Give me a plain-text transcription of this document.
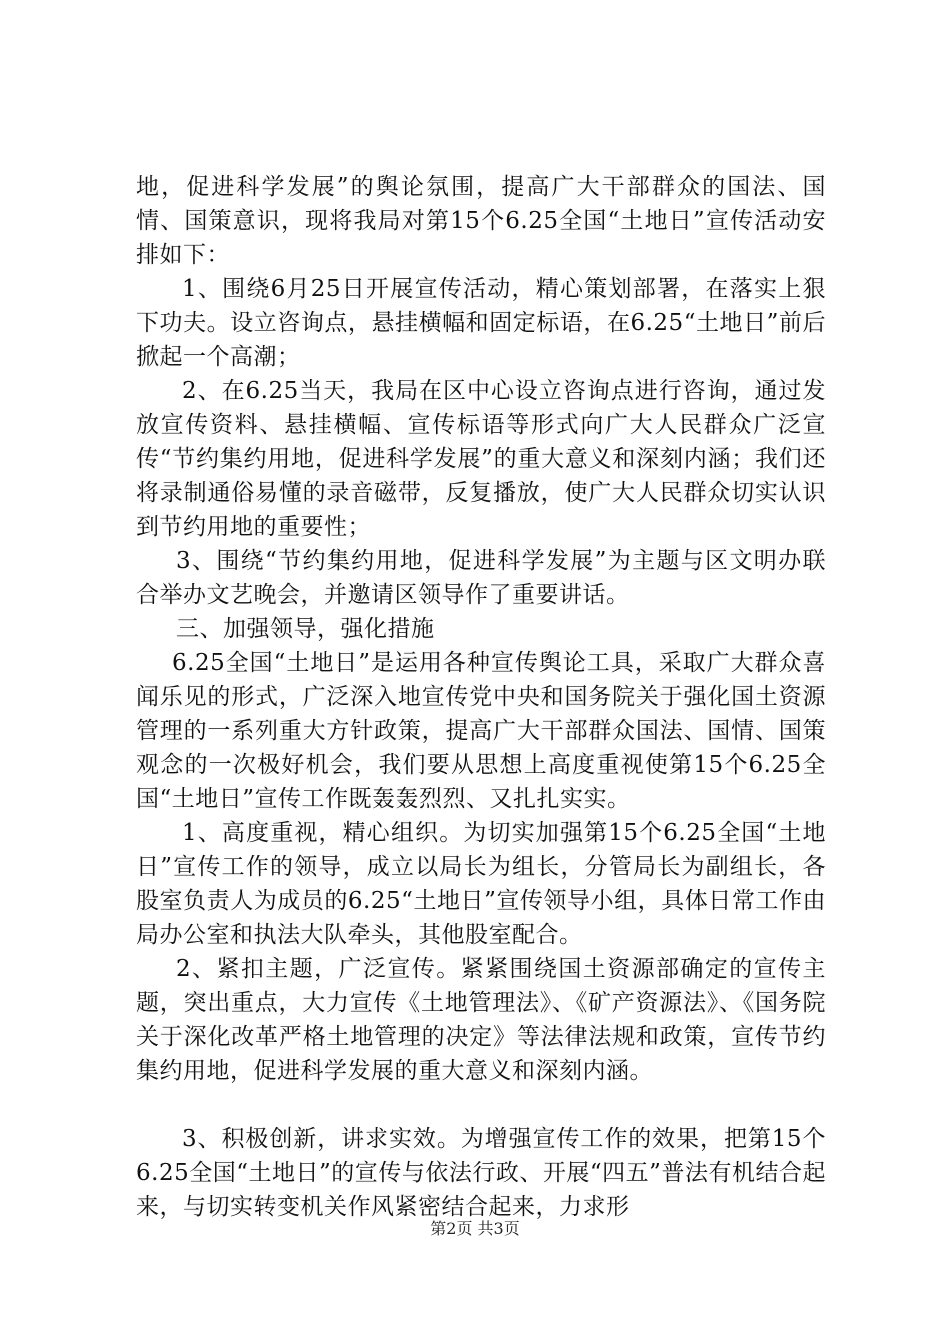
地，促进科学发展”的舆论氛围，提高广大干部群众的国法、国情、国策意识，现将我局对第15个6.25全国“土地日”宣传活动安排如下：

1、围绕6月25日开展宣传活动，精心策划部署，在落实上狠下功夫。设立咨询点，悬挂横幅和固定标语，在6.25“土地日”前后掀起一个高潮；

2、在6.25当天，我局在区中心设立咨询点进行咨询，通过发放宣传资料、悬挂横幅、宣传标语等形式向广大人民群众广泛宣传“节约集约用地，促进科学发展”的重大意义和深刻内涵；我们还将录制通俗易懂的录音磁带，反复播放，使广大人民群众切实认识到节约用地的重要性；

3、围绕“节约集约用地，促进科学发展”为主题与区文明办联合举办文艺晚会，并邀请区领导作了重要讲话。

三、加强领导，强化措施

6.25全国“土地日”是运用各种宣传舆论工具，采取广大群众喜闻乐见的形式，广泛深入地宣传党中央和国务院关于强化国土资源管理的一系列重大方针政策，提高广大干部群众国法、国情、国策观念的一次极好机会，我们要从思想上高度重视使第15个6.25全国“土地日”宣传工作既轰轰烈烈、又扎扎实实。

1、高度重视，精心组织。为切实加强第15个6.25全国“土地日”宣传工作的领导，成立以局长为组长，分管局长为副组长，各股室负责人为成员的6.25“土地日”宣传领导小组，具体日常工作由局办公室和执法大队牵头，其他股室配合。

2、紧扣主题，广泛宣传。紧紧围绕国土资源部确定的宣传主题，突出重点，大力宣传《土地管理法》、《矿产资源法》、《国务院关于深化改革严格土地管理的决定》等法律法规和政策，宣传节约集约用地，促进科学发展的重大意义和深刻内涵。

3、积极创新，讲求实效。为增强宣传工作的效果，把第15个6.25全国“土地日”的宣传与依法行政、开展“四五”普法有机结合起来，与切实转变机关作风紧密结合起来，力求形

第2页 共3页
